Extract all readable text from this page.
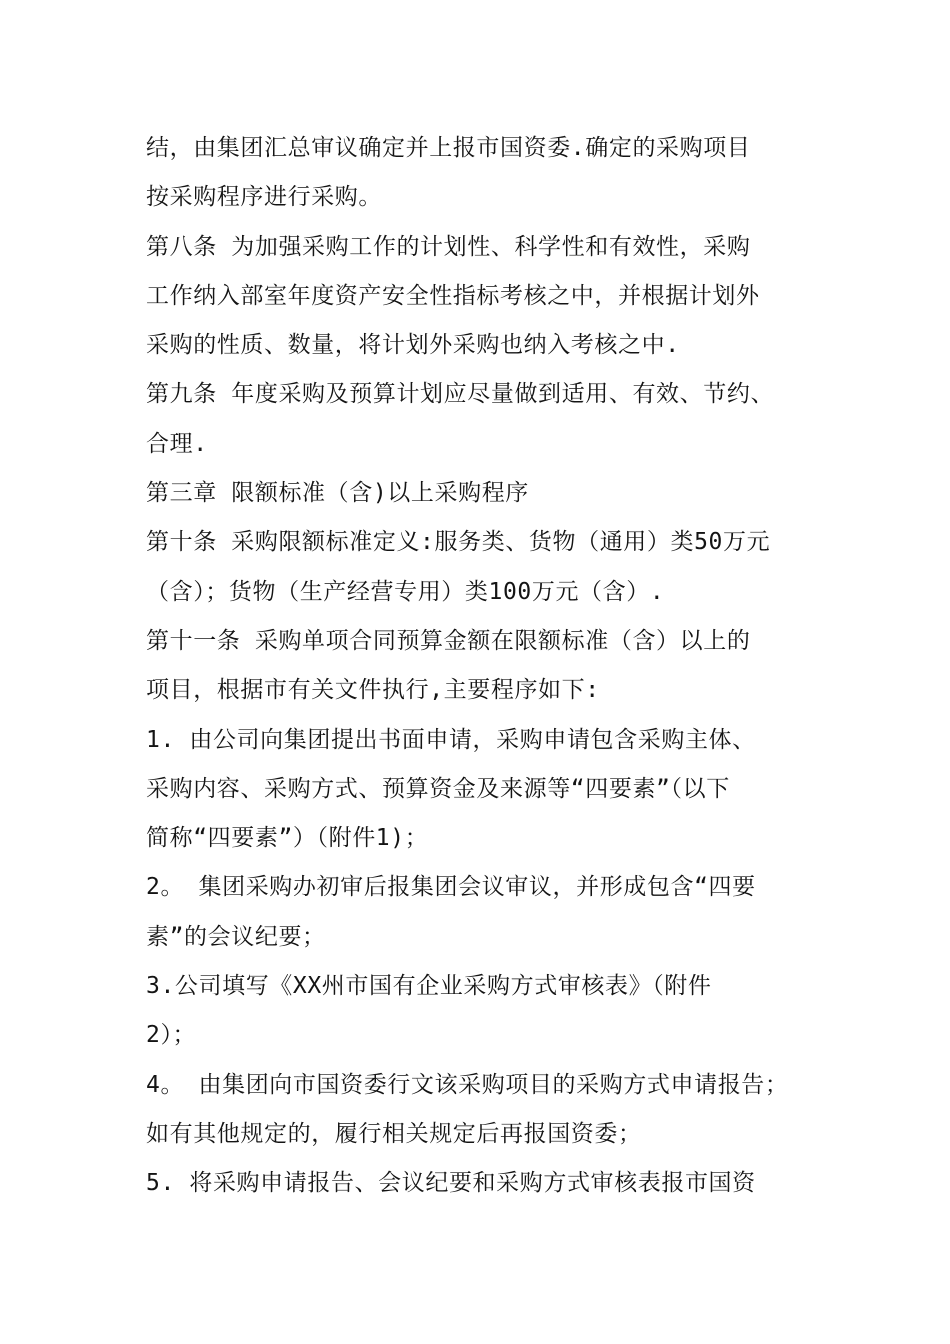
结，由集团汇总审议确定并上报市国资委.确定的采购项目
按采购程序进行采购。
第八条 为加强采购工作的计划性、科学性和有效性，采购
工作纳入部室年度资产安全性指标考核之中，并根据计划外
采购的性质、数量，将计划外采购也纳入考核之中.
第九条 年度采购及预算计划应尽量做到适用、有效、节约、
合理.
第三章 限额标准（含)以上采购程序
第十条 采购限额标准定义:服务类、货物（通用）类50万元
（含）；货物（生产经营专用）类100万元（含）.
第十一条 采购单项合同预算金额在限额标准（含）以上的
项目，根据市有关文件执行,主要程序如下:
1. 由公司向集团提出书面申请，采购申请包含采购主体、
采购内容、采购方式、预算资金及来源等“四要素”（以下
简称“四要素”）（附件1)；
2。 集团采购办初审后报集团会议审议，并形成包含“四要
素”的会议纪要；
3.公司填写《XX州市国有企业采购方式审核表》（附件
2）；
4。 由集团向市国资委行文该采购项目的采购方式申请报告；
如有其他规定的，履行相关规定后再报国资委；
5. 将采购申请报告、会议纪要和采购方式审核表报市国资
